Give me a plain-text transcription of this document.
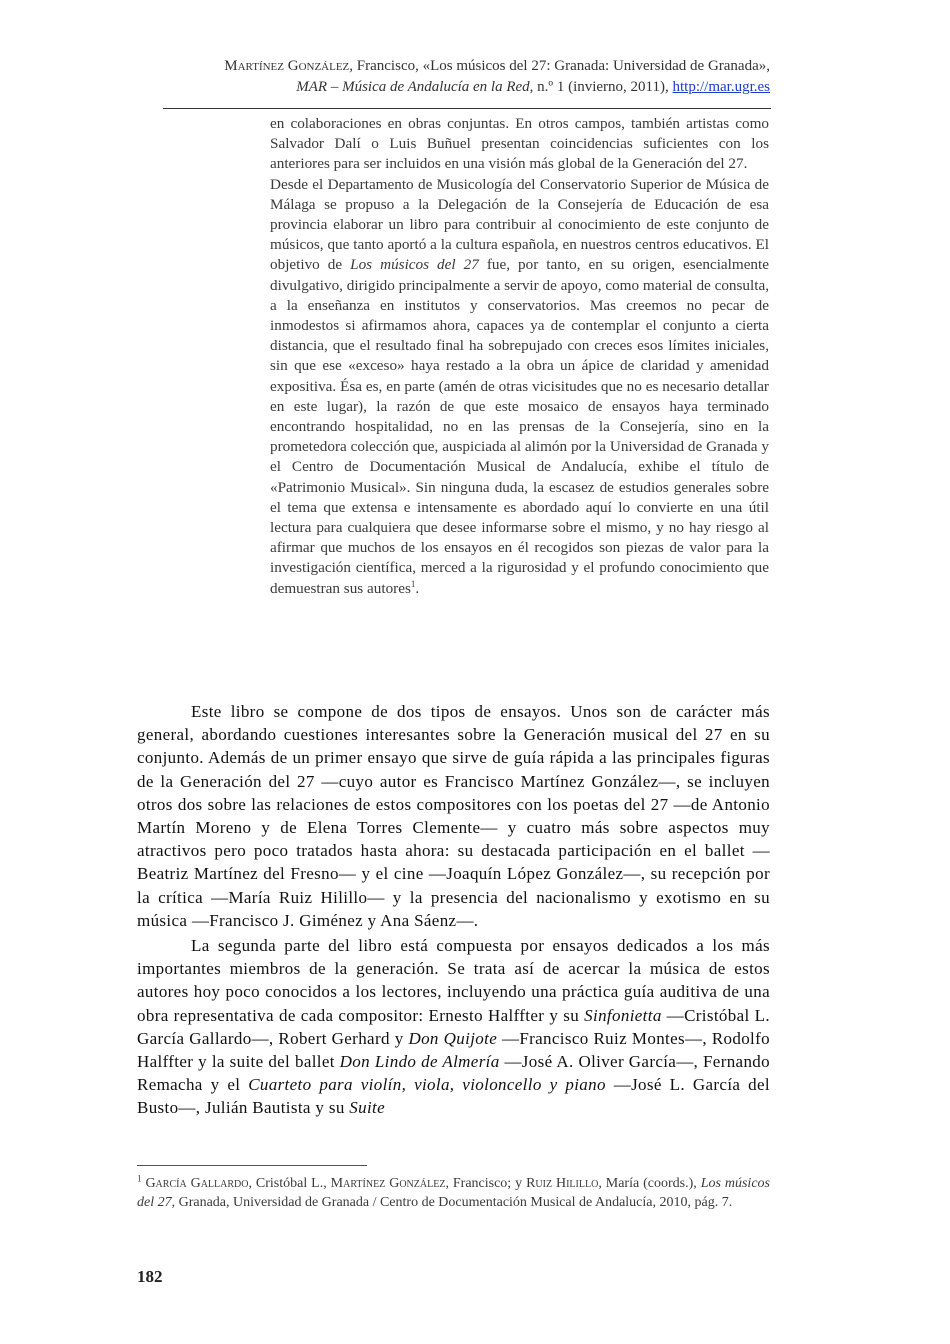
Martínez González, Francisco, «Los músicos del 27: Granada: Universidad de Granada»,
MAR – Música de Andalucía en la Red, n.º 1 (invierno, 2011), http://mar.ugr.es

en colaboraciones en obras conjuntas. En otros campos, también artistas como Salvador Dalí o Luis Buñuel presentan coincidencias suficientes con los anteriores para ser incluidos en una visión más global de la Generación del 27.

Desde el Departamento de Musicología del Conservatorio Superior de Música de Málaga se propuso a la Delegación de la Consejería de Educación de esa provincia elaborar un libro para contribuir al conocimiento de este conjunto de músicos, que tanto aportó a la cultura española, en nuestros centros educativos. El objetivo de Los músicos del 27 fue, por tanto, en su origen, esencialmente divulgativo, dirigido principalmente a servir de apoyo, como material de consulta, a la enseñanza en institutos y conservatorios. Mas creemos no pecar de inmodestos si afirmamos ahora, capaces ya de contemplar el conjunto a cierta distancia, que el resultado final ha sobrepujado con creces esos límites iniciales, sin que ese «exceso» haya restado a la obra un ápice de claridad y amenidad expositiva. Ésa es, en parte (amén de otras vicisitudes que no es necesario detallar en este lugar), la razón de que este mosaico de ensayos haya terminado encontrando hospitalidad, no en las prensas de la Consejería, sino en la prometedora colección que, auspiciada al alimón por la Universidad de Granada y el Centro de Documentación Musical de Andalucía, exhibe el título de «Patrimonio Musical». Sin ninguna duda, la escasez de estudios generales sobre el tema que extensa e intensamente es abordado aquí lo convierte en una útil lectura para cualquiera que desee informarse sobre el mismo, y no hay riesgo al afirmar que muchos de los ensayos en él recogidos son piezas de valor para la investigación científica, merced a la rigurosidad y el profundo conocimiento que demuestran sus autores$^1$.

Este libro se compone de dos tipos de ensayos. Unos son de carácter más general, abordando cuestiones interesantes sobre la Generación musical del 27 en su conjunto. Además de un primer ensayo que sirve de guía rápida a las principales figuras de la Generación del 27 —cuyo autor es Francisco Martínez González—, se incluyen otros dos sobre las relaciones de estos compositores con los poetas del 27 —de Antonio Martín Moreno y de Elena Torres Clemente— y cuatro más sobre aspectos muy atractivos pero poco tratados hasta ahora: su destacada participación en el ballet —Beatriz Martínez del Fresno— y el cine —Joaquín López González—, su recepción por la crítica —María Ruiz Hilillo— y la presencia del nacionalismo y exotismo en su música —Francisco J. Giménez y Ana Sáenz—.

La segunda parte del libro está compuesta por ensayos dedicados a los más importantes miembros de la generación. Se trata así de acercar la música de estos autores hoy poco conocidos a los lectores, incluyendo una práctica guía auditiva de una obra representativa de cada compositor: Ernesto Halffter y su Sinfonietta —Cristóbal L. García Gallardo—, Robert Gerhard y Don Quijote —Francisco Ruiz Montes—, Rodolfo Halffter y la suite del ballet Don Lindo de Almería —José A. Oliver García—, Fernando Remacha y el Cuarteto para violín, viola, violoncello y piano —José L. García del Busto—, Julián Bautista y su Suite

$^1$ García Gallardo, Cristóbal L., Martínez González, Francisco; y Ruiz Hilillo, María (coords.), Los músicos del 27, Granada, Universidad de Granada / Centro de Documentación Musical de Andalucía, 2010, pág. 7.
182
